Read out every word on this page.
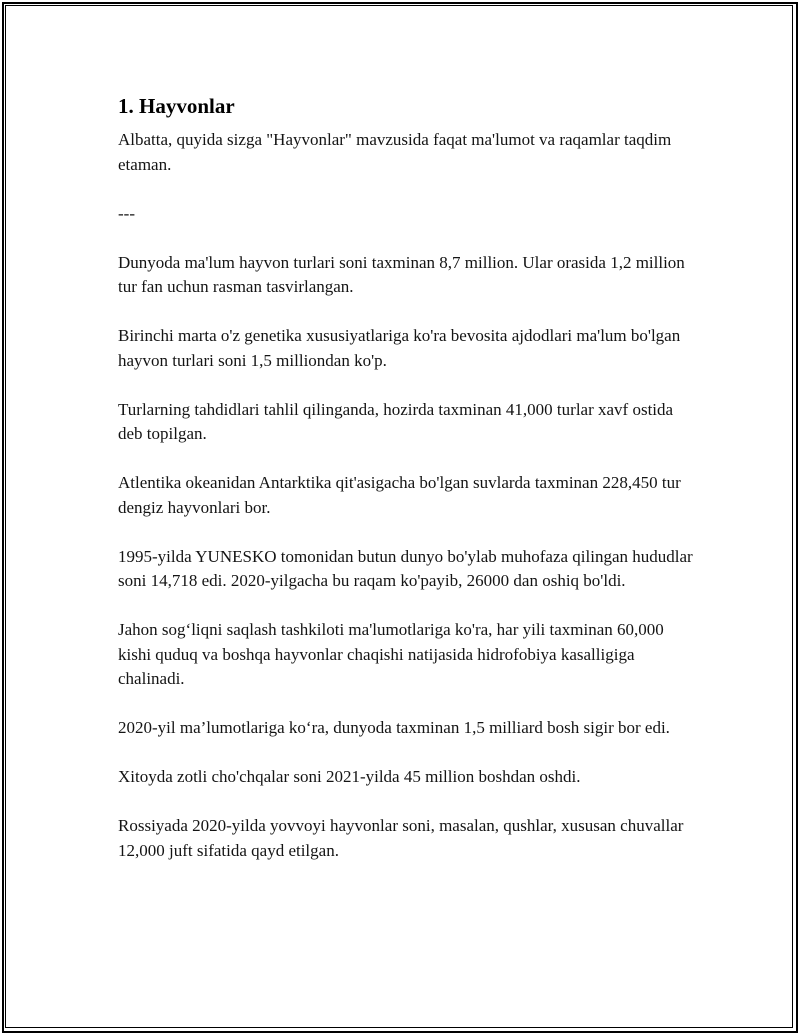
1. Hayvonlar

Albatta, quyida sizga "Hayvonlar" mavzusida faqat ma'lumot va raqamlar taqdim etaman.

---

Dunyoda ma'lum hayvon turlari soni taxminan 8,7 million. Ular orasida 1,2 million tur fan uchun rasman tasvirlangan.

Birinchi marta o'z genetika xususiyatlariga ko'ra bevosita ajdodlari ma'lum bo'lgan hayvon turlari soni 1,5 milliondan ko'p.

Turlarning tahdidlari tahlil qilinganda, hozirda taxminan 41,000 turlar xavf ostida deb topilgan.

Atlentika okeanidan Antarktika qit'asigacha bo'lgan suvlarda taxminan 228,450 tur dengiz hayvonlari bor.

1995-yilda YUNESKO tomonidan butun dunyo bo'ylab muhofaza qilingan hududlar soni 14,718 edi. 2020-yilgacha bu raqam ko'payib, 26000 dan oshiq bo'ldi.

Jahon sog‘liqni saqlash tashkiloti ma'lumotlariga ko'ra, har yili taxminan 60,000 kishi quduq va boshqa hayvonlar chaqishi natijasida hidrofobiya kasalligiga chalinadi.

2020-yil ma’lumotlariga ko‘ra, dunyoda taxminan 1,5 milliard bosh sigir bor edi.

Xitoyda zotli cho'chqalar soni 2021-yilda 45 million boshdan oshdi.

Rossiyada 2020-yilda yovvoyi hayvonlar soni, masalan, qushlar, xususan chuvallar 12,000 juft sifatida qayd etilgan.
